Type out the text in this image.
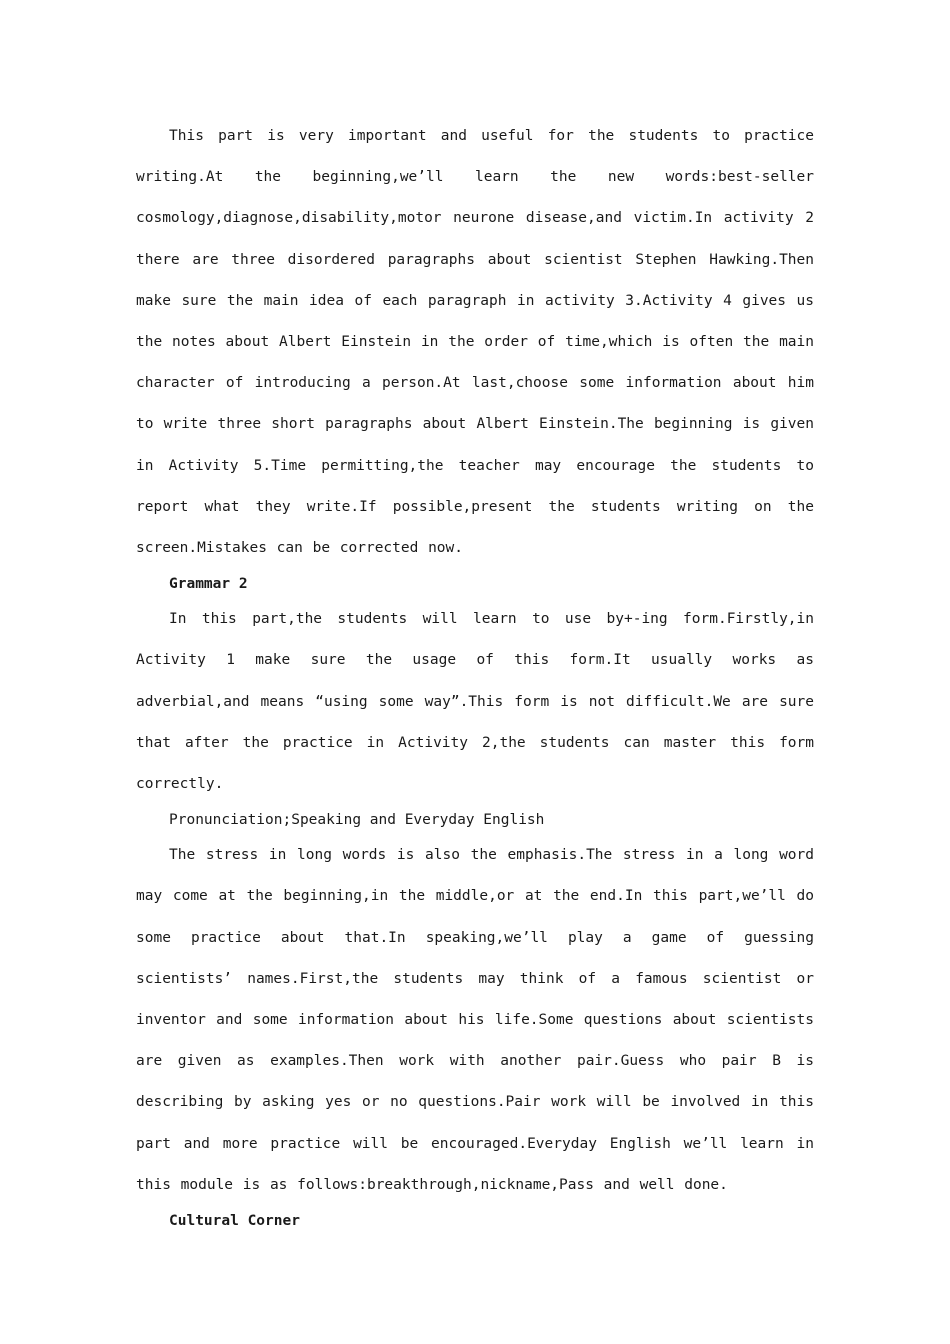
This part is very important and useful for the students to practice writing.At the beginning,we’ll learn the new words:best-seller cosmology,diagnose,disability,motor neurone disease,and victim.In activity 2 there are three disordered paragraphs about scientist Stephen Hawking.Then make sure the main idea of each paragraph in activity 3.Activity 4 gives us the notes about Albert Einstein in the order of time,which is often the main character of introducing a person.At last,choose some information about him to write three short paragraphs about Albert Einstein.The beginning is given in Activity 5.Time permitting,the teacher may encourage the students to report what they write.If possible,present the students writing on the screen.Mistakes can be corrected now.

Grammar 2

In this part,the students will learn to use by+-ing form.Firstly,in Activity 1 make sure the usage of this form.It usually works as adverbial,and means “using some way”.This form is not difficult.We are sure that after the practice in Activity 2,the students can master this form correctly.

Pronunciation;Speaking and Everyday English

The stress in long words is also the emphasis.The stress in a long word may come at the beginning,in the middle,or at the end.In this part,we’ll do some practice about that.In speaking,we’ll play a game of guessing scientists’ names.First,the students may think of a famous scientist or inventor and some information about his life.Some questions about scientists are given as examples.Then work with another pair.Guess who pair B is describing by asking yes or no questions.Pair work will be involved in this part and more practice will be encouraged.Everyday English we’ll learn in this module is as follows:breakthrough,nickname,Pass and well done.

Cultural Corner
